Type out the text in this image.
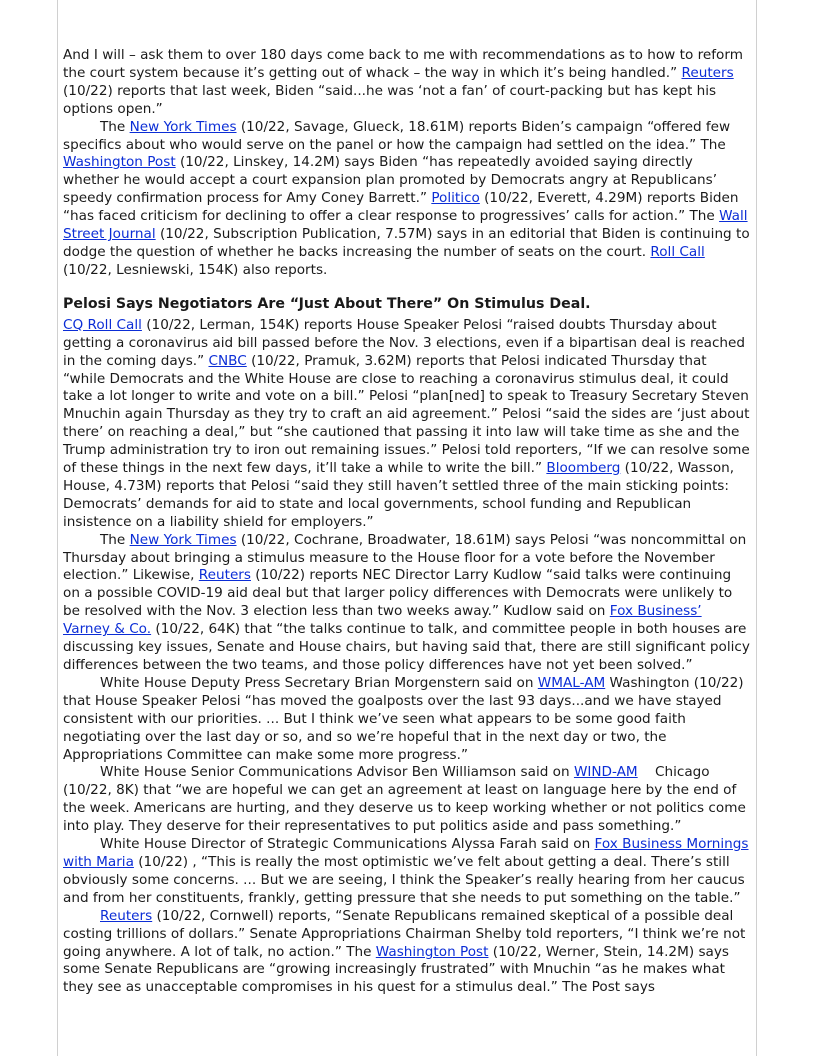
And I will – ask them to over 180 days come back to me with recommendations as to how to reform the court system because it’s getting out of whack – the way in which it’s being handled.” Reuters (10/22) reports that last week, Biden “said...he was ‘not a fan’ of court-packing but has kept his options open.”

The New York Times (10/22, Savage, Glueck, 18.61M) reports Biden’s campaign “offered few specifics about who would serve on the panel or how the campaign had settled on the idea.” The Washington Post (10/22, Linskey, 14.2M) says Biden “has repeatedly avoided saying directly whether he would accept a court expansion plan promoted by Democrats angry at Republicans’ speedy confirmation process for Amy Coney Barrett.” Politico (10/22, Everett, 4.29M) reports Biden “has faced criticism for declining to offer a clear response to progressives’ calls for action.” The Wall Street Journal (10/22, Subscription Publication, 7.57M) says in an editorial that Biden is continuing to dodge the question of whether he backs increasing the number of seats on the court. Roll Call (10/22, Lesniewski, 154K) also reports.

Pelosi Says Negotiators Are “Just About There” On Stimulus Deal.

CQ Roll Call (10/22, Lerman, 154K) reports House Speaker Pelosi “raised doubts Thursday about getting a coronavirus aid bill passed before the Nov. 3 elections, even if a bipartisan deal is reached in the coming days.” CNBC (10/22, Pramuk, 3.62M) reports that Pelosi indicated Thursday that “while Democrats and the White House are close to reaching a coronavirus stimulus deal, it could take a lot longer to write and vote on a bill.” Pelosi “plan[ned] to speak to Treasury Secretary Steven Mnuchin again Thursday as they try to craft an aid agreement.” Pelosi “said the sides are ‘just about there’ on reaching a deal,” but “she cautioned that passing it into law will take time as she and the Trump administration try to iron out remaining issues.” Pelosi told reporters, “If we can resolve some of these things in the next few days, it’ll take a while to write the bill.” Bloomberg (10/22, Wasson, House, 4.73M) reports that Pelosi “said they still haven’t settled three of the main sticking points: Democrats’ demands for aid to state and local governments, school funding and Republican insistence on a liability shield for employers.”

The New York Times (10/22, Cochrane, Broadwater, 18.61M) says Pelosi “was noncommittal on Thursday about bringing a stimulus measure to the House floor for a vote before the November election.” Likewise, Reuters (10/22) reports NEC Director Larry Kudlow “said talks were continuing on a possible COVID-19 aid deal but that larger policy differences with Democrats were unlikely to be resolved with the Nov. 3 election less than two weeks away.” Kudlow said on Fox Business’ Varney & Co. (10/22, 64K) that “the talks continue to talk, and committee people in both houses are discussing key issues, Senate and House chairs, but having said that, there are still significant policy differences between the two teams, and those policy differences have not yet been solved.”

White House Deputy Press Secretary Brian Morgenstern said on WMAL-AM Washington (10/22) that House Speaker Pelosi “has moved the goalposts over the last 93 days...and we have stayed consistent with our priorities. ... But I think we’ve seen what appears to be some good faith negotiating over the last day or so, and so we’re hopeful that in the next day or two, the Appropriations Committee can make some more progress.”

White House Senior Communications Advisor Ben Williamson said on WIND-AM    Chicago (10/22, 8K) that “we are hopeful we can get an agreement at least on language here by the end of the week. Americans are hurting, and they deserve us to keep working whether or not politics come into play. They deserve for their representatives to put politics aside and pass something.”

White House Director of Strategic Communications Alyssa Farah said on Fox Business Mornings with Maria (10/22) , “This is really the most optimistic we’ve felt about getting a deal. There’s still obviously some concerns. ... But we are seeing, I think the Speaker’s really hearing from her caucus and from her constituents, frankly, getting pressure that she needs to put something on the table.”

Reuters (10/22, Cornwell) reports, “Senate Republicans remained skeptical of a possible deal costing trillions of dollars.” Senate Appropriations Chairman Shelby told reporters, “I think we’re not going anywhere. A lot of talk, no action.” The Washington Post (10/22, Werner, Stein, 14.2M) says some Senate Republicans are “growing increasingly frustrated” with Mnuchin “as he makes what they see as unacceptable compromises in his quest for a stimulus deal.” The Post says
